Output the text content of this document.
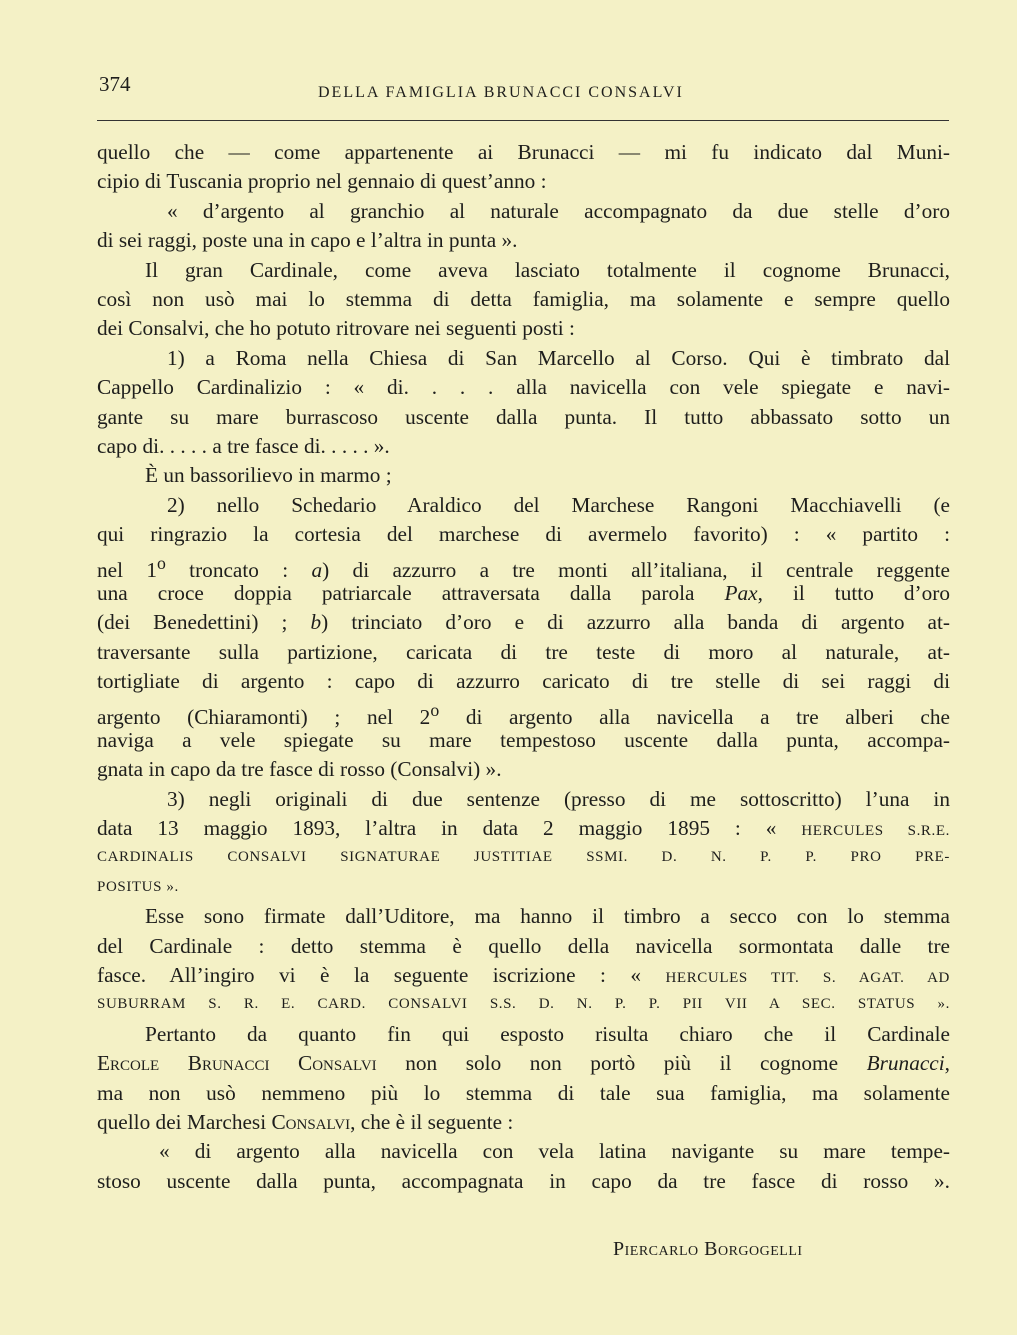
374	DELLA FAMIGLIA BRUNACCI CONSALVI
quello che — come appartenente ai Brunacci — mi fu indicato dal Muni-
cipio di Tuscania proprio nel gennaio di quest’anno :
« d’argento al granchio al naturale accompagnato da due stelle d’oro
di sei raggi, poste una in capo e l’altra in punta ».
Il gran Cardinale, come aveva lasciato totalmente il cognome Brunacci,
così non usò mai lo stemma di detta famiglia, ma solamente e sempre quello
dei Consalvi, che ho potuto ritrovare nei seguenti posti :
1) a Roma nella Chiesa di San Marcello al Corso. Qui è timbrato dal
Cappello Cardinalizio : « di. . . . alla navicella con vele spiegate e navi-
gante su mare burrascoso uscente dalla punta. Il tutto abbassato sotto un
capo di. . . . . a tre fasce di. . . . . ».
È un bassorilievo in marmo ;
2) nello Schedario Araldico del Marchese Rangoni Macchiavelli (e
qui ringrazio la cortesia del marchese di avermelo favorito) : « partito :
nel 1$^o$ troncato : a) di azzurro a tre monti all’italiana, il centrale reggente
una croce doppia patriarcale attraversata dalla parola Pax, il tutto d’oro
(dei Benedettini) ; b) trinciato d’oro e di azzurro alla banda di argento at-
traversante sulla partizione, caricata di tre teste di moro al naturale, at-
tortigliate di argento : capo di azzurro caricato di tre stelle di sei raggi di
argento (Chiaramonti) ; nel 2$^o$ di argento alla navicella a tre alberi che
naviga a vele spiegate su mare tempestoso uscente dalla punta, accompa-
gnata in capo da tre fasce di rosso (Consalvi) ».
3) negli originali di due sentenze (presso di me sottoscritto) l’una in
data 13 maggio 1893, l’altra in data 2 maggio 1895 : « HERCULES S.R.E.
CARDINALIS CONSALVI SIGNATURAE JUSTITIAE SSMI. D. N. P. P. PRO PRE-
POSITUS ».
Esse sono firmate dall’Uditore, ma hanno il timbro a secco con lo stemma
del Cardinale : detto stemma è quello della navicella sormontata dalle tre
fasce. All’ingiro vi è la seguente iscrizione : « HERCULES TIT. S. AGAT. AD
SUBURRAM S. R. E. CARD. CONSALVI S.S. D. N. P. P. PII VII A SEC. STATUS ».
Pertanto da quanto fin qui esposto risulta chiaro che il Cardinale
Ercole Brunacci Consalvi non solo non portò più il cognome Brunacci,
ma non usò nemmeno più lo stemma di tale sua famiglia, ma solamente
quello dei Marchesi Consalvi, che è il seguente :
« di argento alla navicella con vela latina navigante su mare tempe-
stoso uscente dalla punta, accompagnata in capo da tre fasce di rosso ».
Piercarlo Borgogelli
